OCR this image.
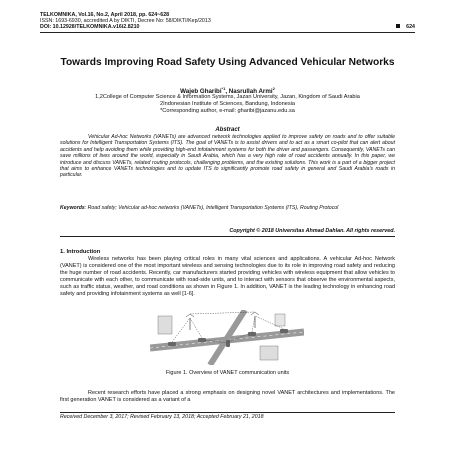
TELKOMNIKA, Vol.16, No.2, April 2018, pp. 624~628
ISSN: 1693-6930, accredited A by DIKTI, Decree No: 58/DIKTI/Kep/2013
DOI: 10.12928/TELKOMNIKA.v16i2.8210	624
Towards Improving Road Safety Using Advanced Vehicular Networks
Wajeb Gharibi$^{*1}$, Nasrullah Armi$^2$
1,2College of Computer Science & Information Systems, Jazan University, Jazan, Kingdom of Saudi Arabia
2Indonesian Institute of Sciences, Bandung, Indonesia
*Corresponding author, e-mail: gharibi@jazanu.edu.sa
Abstract
Vehicular Ad-hoc Networks (VANETs) are advanced network technologies applied to improve safety on roads and to offer suitable solutions for Intelligent Transportation Systems (ITS). The goal of VANETs is to assist drivers and to act as a smart co-pilot that can alert about accidents and help avoiding them while providing high-end infotainment systems for both the driver and passengers. Consequently, VANETs can save millions of lives around the world, especially in Saudi Arabia, which has a very high rate of road accidents annually. In this paper, we introduce and discuss VANETs, related routing protocols, challenging problems, and the existing solutions. This work is a part of a bigger project that aims to enhance VANETs technologies and to update ITS to significantly promote road safety in general and Saudi Arabia's roads in particular.
Keywords: Road safety; Vehicular ad-hoc networks (VANETs), Intelligent Transportation Systems (ITS), Routing Protocol
Copyright © 2018 Universitas Ahmad Dahlan. All rights reserved.
1. Introduction
Wireless networks has been playing critical roles in many vital sciences and applications. A vehicular Ad-hoc Network (VANET) is considered one of the most important wireless and sensing technologies due to its role in improving road safety and reducing the huge number of road accidents. Recently, car manufacturers started providing vehicles with wireless equipment that allow vehicles to communicate with each other, to communicate with road-side units, and to interact with sensors that observe the environmental aspects, such as traffic status, weather, and road conditions as shown in Figure 1. In addition, VANET is the leading technology in enhancing road safety and providing infotainment systems as well [1-6].
Figure 1. Overview of VANET communication units
Recent research efforts have placed a strong emphasis on designing novel VANET architectures and implementations. The first generation VANET is considered as a variant of a
Received December 3, 2017; Revised February 13, 2018; Accepted February 21, 2018
